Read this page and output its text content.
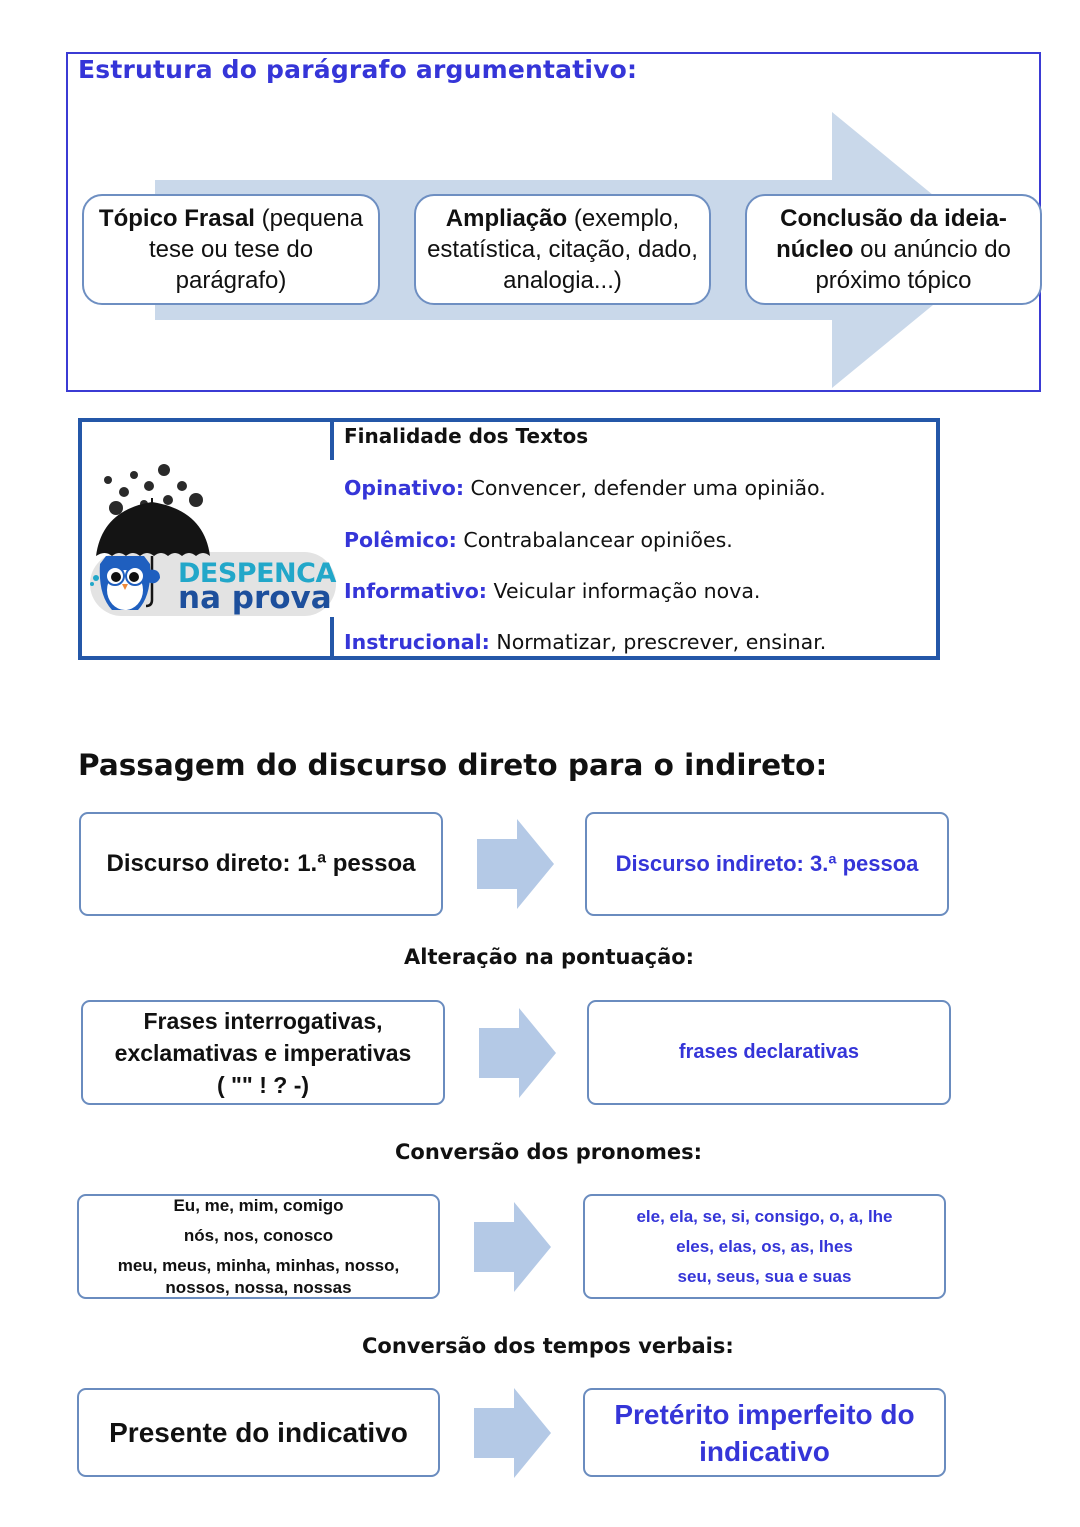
Estrutura do parágrafo argumentativo:
Tópico Frasal (pequena tese ou tese do parágrafo)
Ampliação (exemplo, estatística, citação, dado, analogia...)
Conclusão da ideia-núcleo ou anúncio do próximo tópico
DESPENCA
na prova
Finalidade dos Textos
Opinativo: Convencer, defender uma opinião.
Polêmico: Contrabalancear opiniões.
Informativo: Veicular informação nova.
Instrucional: Normatizar, prescrever, ensinar.
Passagem do discurso direto para o indireto:
Discurso direto: 1.ª pessoa	Discurso indireto: 3.ª pessoa
Alteração na pontuação:
Frases interrogativas,
exclamativas e imperativas
( "" ! ? -)
frases declarativas
Conversão dos pronomes:
Eu, me, mim, comigo
nós, nos, conosco
meu, meus, minha, minhas, nosso,
nossos, nossa, nossas
ele, ela, se, si, consigo, o, a, lhe
eles, elas, os, as, lhes
seu, seus, sua e suas
Conversão dos tempos verbais:
Presente do indicativo
Pretérito imperfeito do
indicativo
